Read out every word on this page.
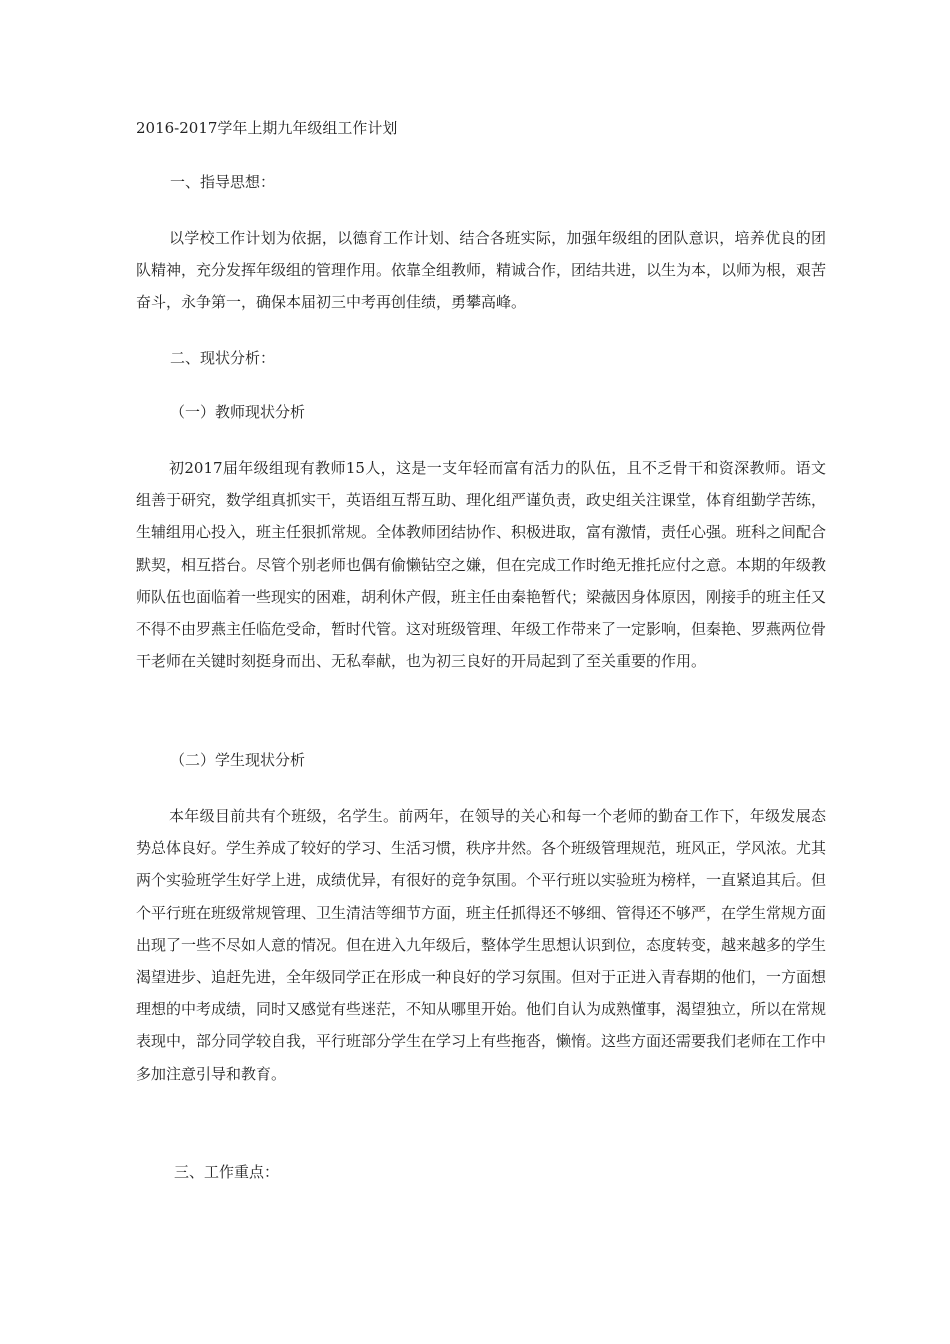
2016-2017学年上期九年级组工作计划

一、指导思想：

以学校工作计划为依据，以德育工作计划、结合各班实际，加强年级组的团队意识，培养优良的团队精神，充分发挥年级组的管理作用。依靠全组教师，精诚合作，团结共进，以生为本，以师为根，艰苦奋斗，永争第一，确保本届初三中考再创佳绩，勇攀高峰。

二、现状分析：

（一）教师现状分析

初2017届年级组现有教师15人，这是一支年轻而富有活力的队伍，且不乏骨干和资深教师。语文组善于研究，数学组真抓实干，英语组互帮互助、理化组严谨负责，政史组关注课堂，体育组勤学苦练，生辅组用心投入，班主任狠抓常规。全体教师团结协作、积极进取，富有激情，责任心强。班科之间配合默契，相互搭台。尽管个别老师也偶有偷懒钻空之嫌，但在完成工作时绝无推托应付之意。本期的年级教师队伍也面临着一些现实的困难，胡利休产假，班主任由秦艳暂代；梁薇因身体原因，刚接手的班主任又不得不由罗燕主任临危受命，暂时代管。这对班级管理、年级工作带来了一定影响，但秦艳、罗燕两位骨干老师在关键时刻挺身而出、无私奉献，也为初三良好的开局起到了至关重要的作用。

（二）学生现状分析

本年级目前共有个班级，名学生。前两年，在领导的关心和每一个老师的勤奋工作下，年级发展态势总体良好。学生养成了较好的学习、生活习惯，秩序井然。各个班级管理规范，班风正，学风浓。尤其两个实验班学生好学上进，成绩优异，有很好的竞争氛围。个平行班以实验班为榜样，一直紧追其后。但个平行班在班级常规管理、卫生清洁等细节方面，班主任抓得还不够细、管得还不够严，在学生常规方面出现了一些不尽如人意的情况。但在进入九年级后，整体学生思想认识到位，态度转变，越来越多的学生渴望进步、追赶先进，全年级同学正在形成一种良好的学习氛围。但对于正进入青春期的他们，一方面想理想的中考成绩，同时又感觉有些迷茫，不知从哪里开始。他们自认为成熟懂事，渴望独立，所以在常规表现中，部分同学较自我，平行班部分学生在学习上有些拖沓，懒惰。这些方面还需要我们老师在工作中多加注意引导和教育。

三、工作重点：
